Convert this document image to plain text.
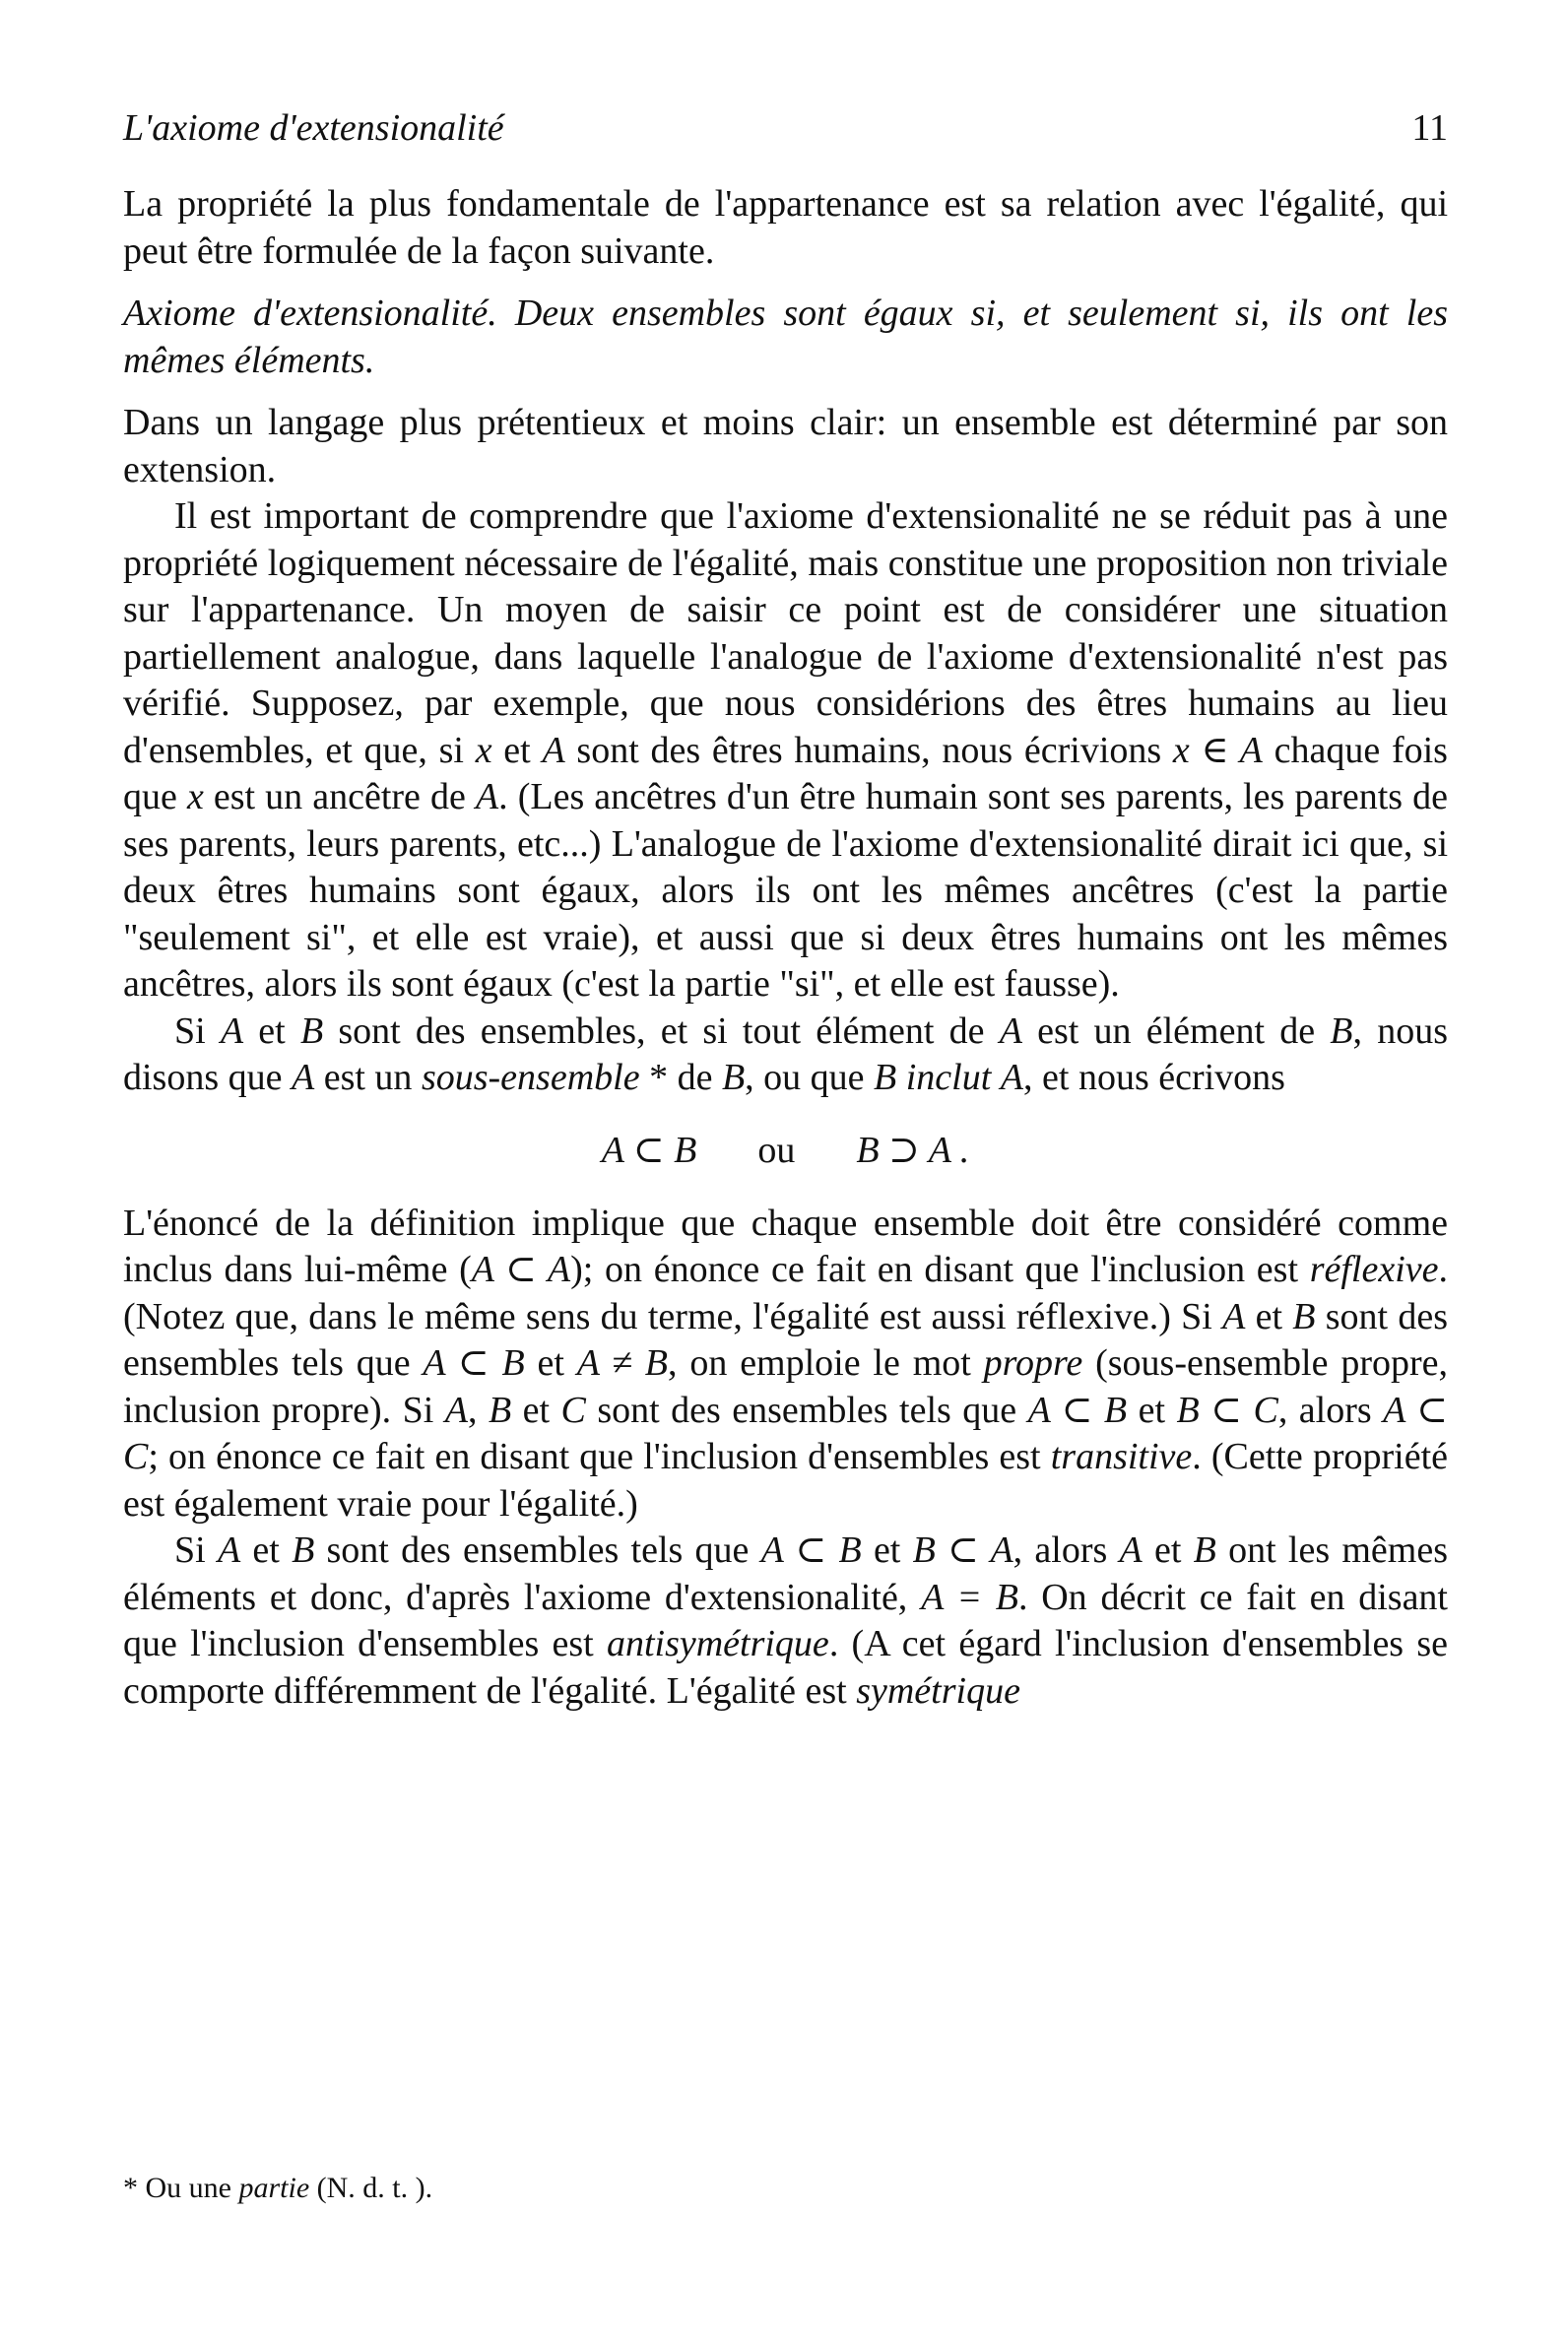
L'axiome d'extensionalité	11

La propriété la plus fondamentale de l'appartenance est sa relation avec l'égalité, qui peut être formulée de la façon suivante.

Axiome d'extensionalité. Deux ensembles sont égaux si, et seulement si, ils ont les mêmes éléments.

Dans un langage plus prétentieux et moins clair: un ensemble est déterminé par son extension.

Il est important de comprendre que l'axiome d'extensionalité ne se réduit pas à une propriété logiquement nécessaire de l'égalité, mais constitue une proposition non triviale sur l'appartenance. Un moyen de saisir ce point est de considérer une situation partiellement analogue, dans laquelle l'analogue de l'axiome d'extensionalité n'est pas vérifié. Supposez, par exemple, que nous considérions des êtres humains au lieu d'ensembles, et que, si x et A sont des êtres humains, nous écrivions x ∈ A chaque fois que x est un ancêtre de A. (Les ancêtres d'un être humain sont ses parents, les parents de ses parents, leurs parents, etc...) L'analogue de l'axiome d'extensionalité dirait ici que, si deux êtres humains sont égaux, alors ils ont les mêmes ancêtres (c'est la partie "seulement si", et elle est vraie), et aussi que si deux êtres humains ont les mêmes ancêtres, alors ils sont égaux (c'est la partie "si", et elle est fausse).

Si A et B sont des ensembles, et si tout élément de A est un élément de B, nous disons que A est un sous-ensemble * de B, ou que B inclut A, et nous écrivons

A ⊂ B ou B ⊃ A .

L'énoncé de la définition implique que chaque ensemble doit être considéré comme inclus dans lui-même (A ⊂ A); on énonce ce fait en disant que l'inclusion est réflexive. (Notez que, dans le même sens du terme, l'égalité est aussi réflexive.) Si A et B sont des ensembles tels que A ⊂ B et A ≠ B, on emploie le mot propre (sous-ensemble propre, inclusion propre). Si A, B et C sont des ensembles tels que A ⊂ B et B ⊂ C, alors A ⊂ C; on énonce ce fait en disant que l'inclusion d'ensembles est transitive. (Cette propriété est également vraie pour l'égalité.)

Si A et B sont des ensembles tels que A ⊂ B et B ⊂ A, alors A et B ont les mêmes éléments et donc, d'après l'axiome d'extensionalité, A = B. On décrit ce fait en disant que l'inclusion d'ensembles est antisymétrique. (A cet égard l'inclusion d'ensembles se comporte différemment de l'égalité. L'égalité est symétrique

* Ou une partie (N. d. t. ).
